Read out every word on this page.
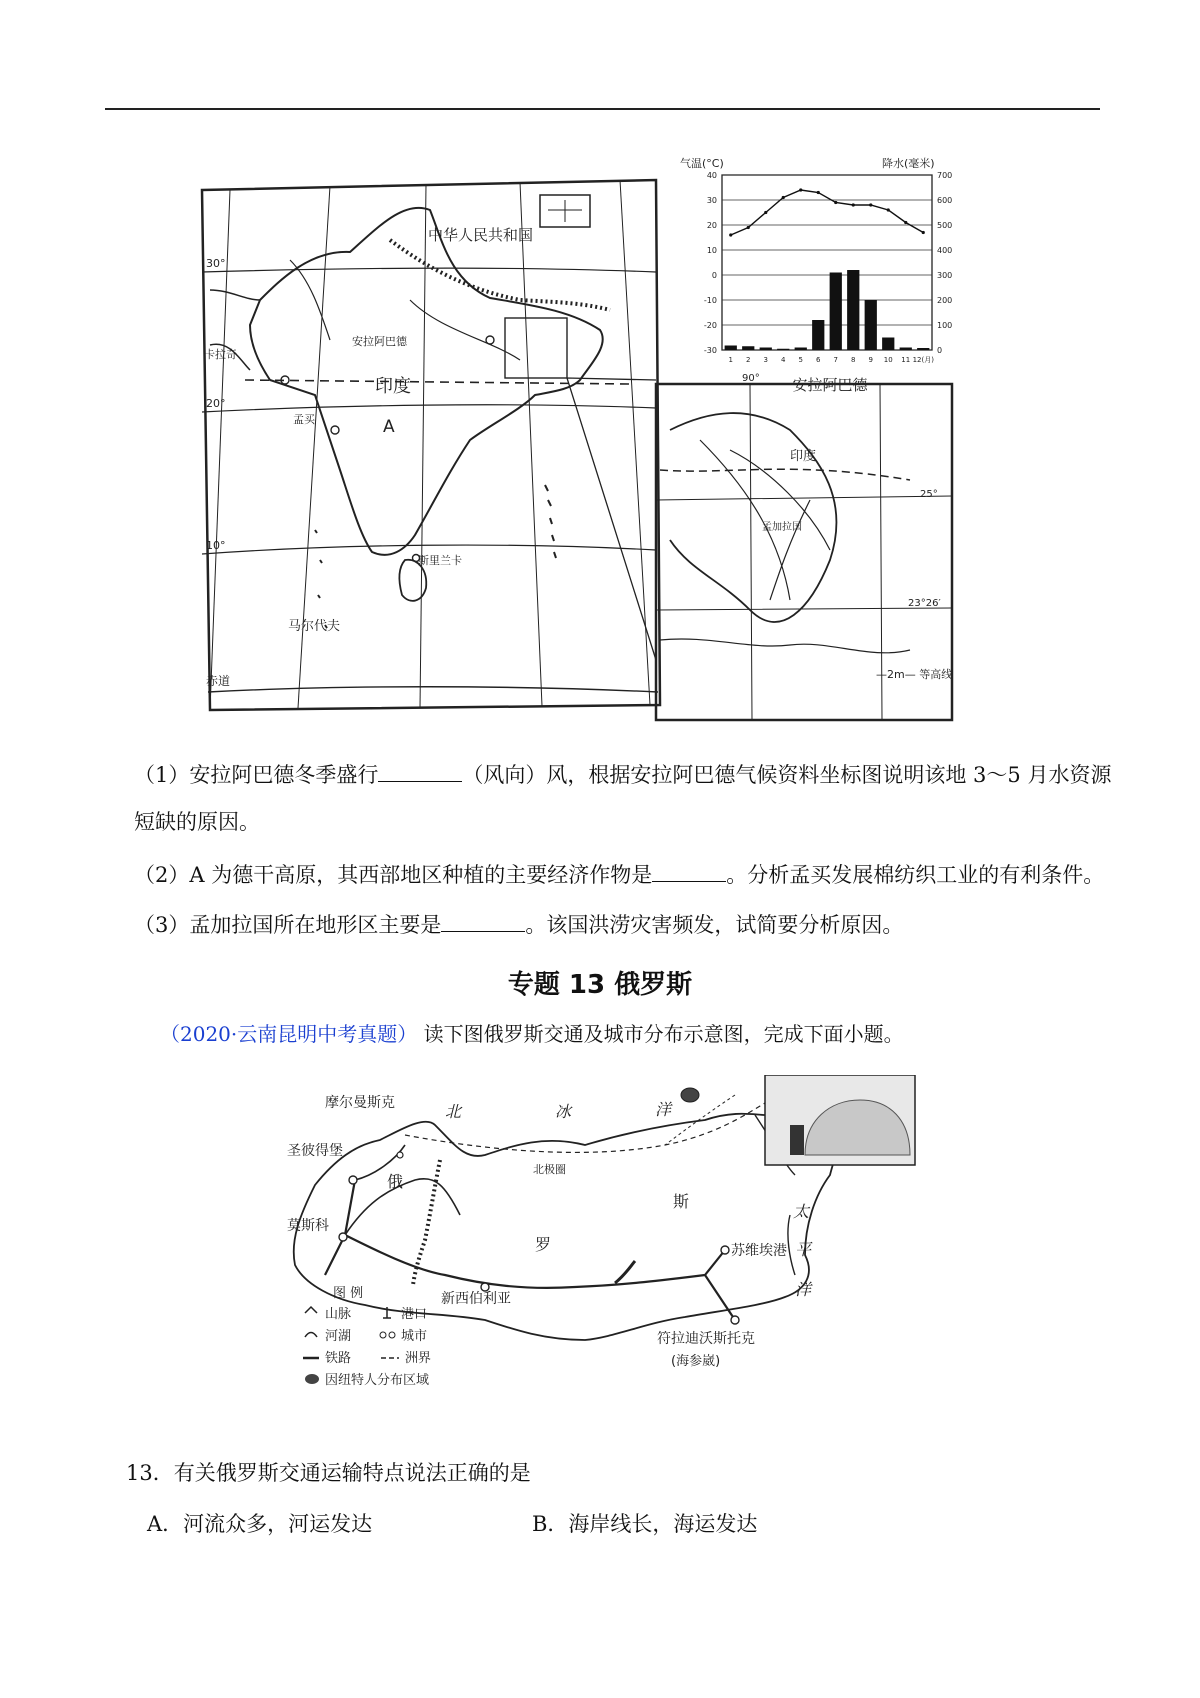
中华人民共和国
印度
安拉阿巴德
卡拉奇
孟买	A
斯里兰卡
马尔代夫
赤道
30°
20°
10°
印度
孟加拉国
25°
23°26′
90°
—2m— 等高线
气温(°C)	降水(毫米)
40
30
20
10
0
-10
-20
-30
700
600
500
400
300
200
100
0
1 2 3 4 5 6 7 8 9 10 11 12(月)
安拉阿巴德
（1）安拉阿巴德冬季盛行	（风向）风，根据安拉阿巴德气候资料坐标图说明该地 3～5 月水资源
短缺的原因。
（2）A 为德干高原，其西部地区种植的主要经济作物是	。分析孟买发展棉纺织工业的有利条件。
（3）孟加拉国所在地形区主要是	。该国洪涝灾害频发，试简要分析原因。
专题 13 俄罗斯
（2020·云南昆明中考真题） 读下图俄罗斯交通及城市分布示意图，完成下面小题。
摩尔曼斯克
圣彼得堡
莫斯科
新西伯利亚
苏维埃港
符拉迪沃斯托克
(海参崴)
北极圈
北	冰	洋
俄
罗
斯
太
平
洋
图 例
山脉	港口
河湖	城市
铁路	洲界
因纽特人分布区域
13．有关俄罗斯交通运输特点说法正确的是
A．河流众多，河运发达	B．海岸线长，海运发达
